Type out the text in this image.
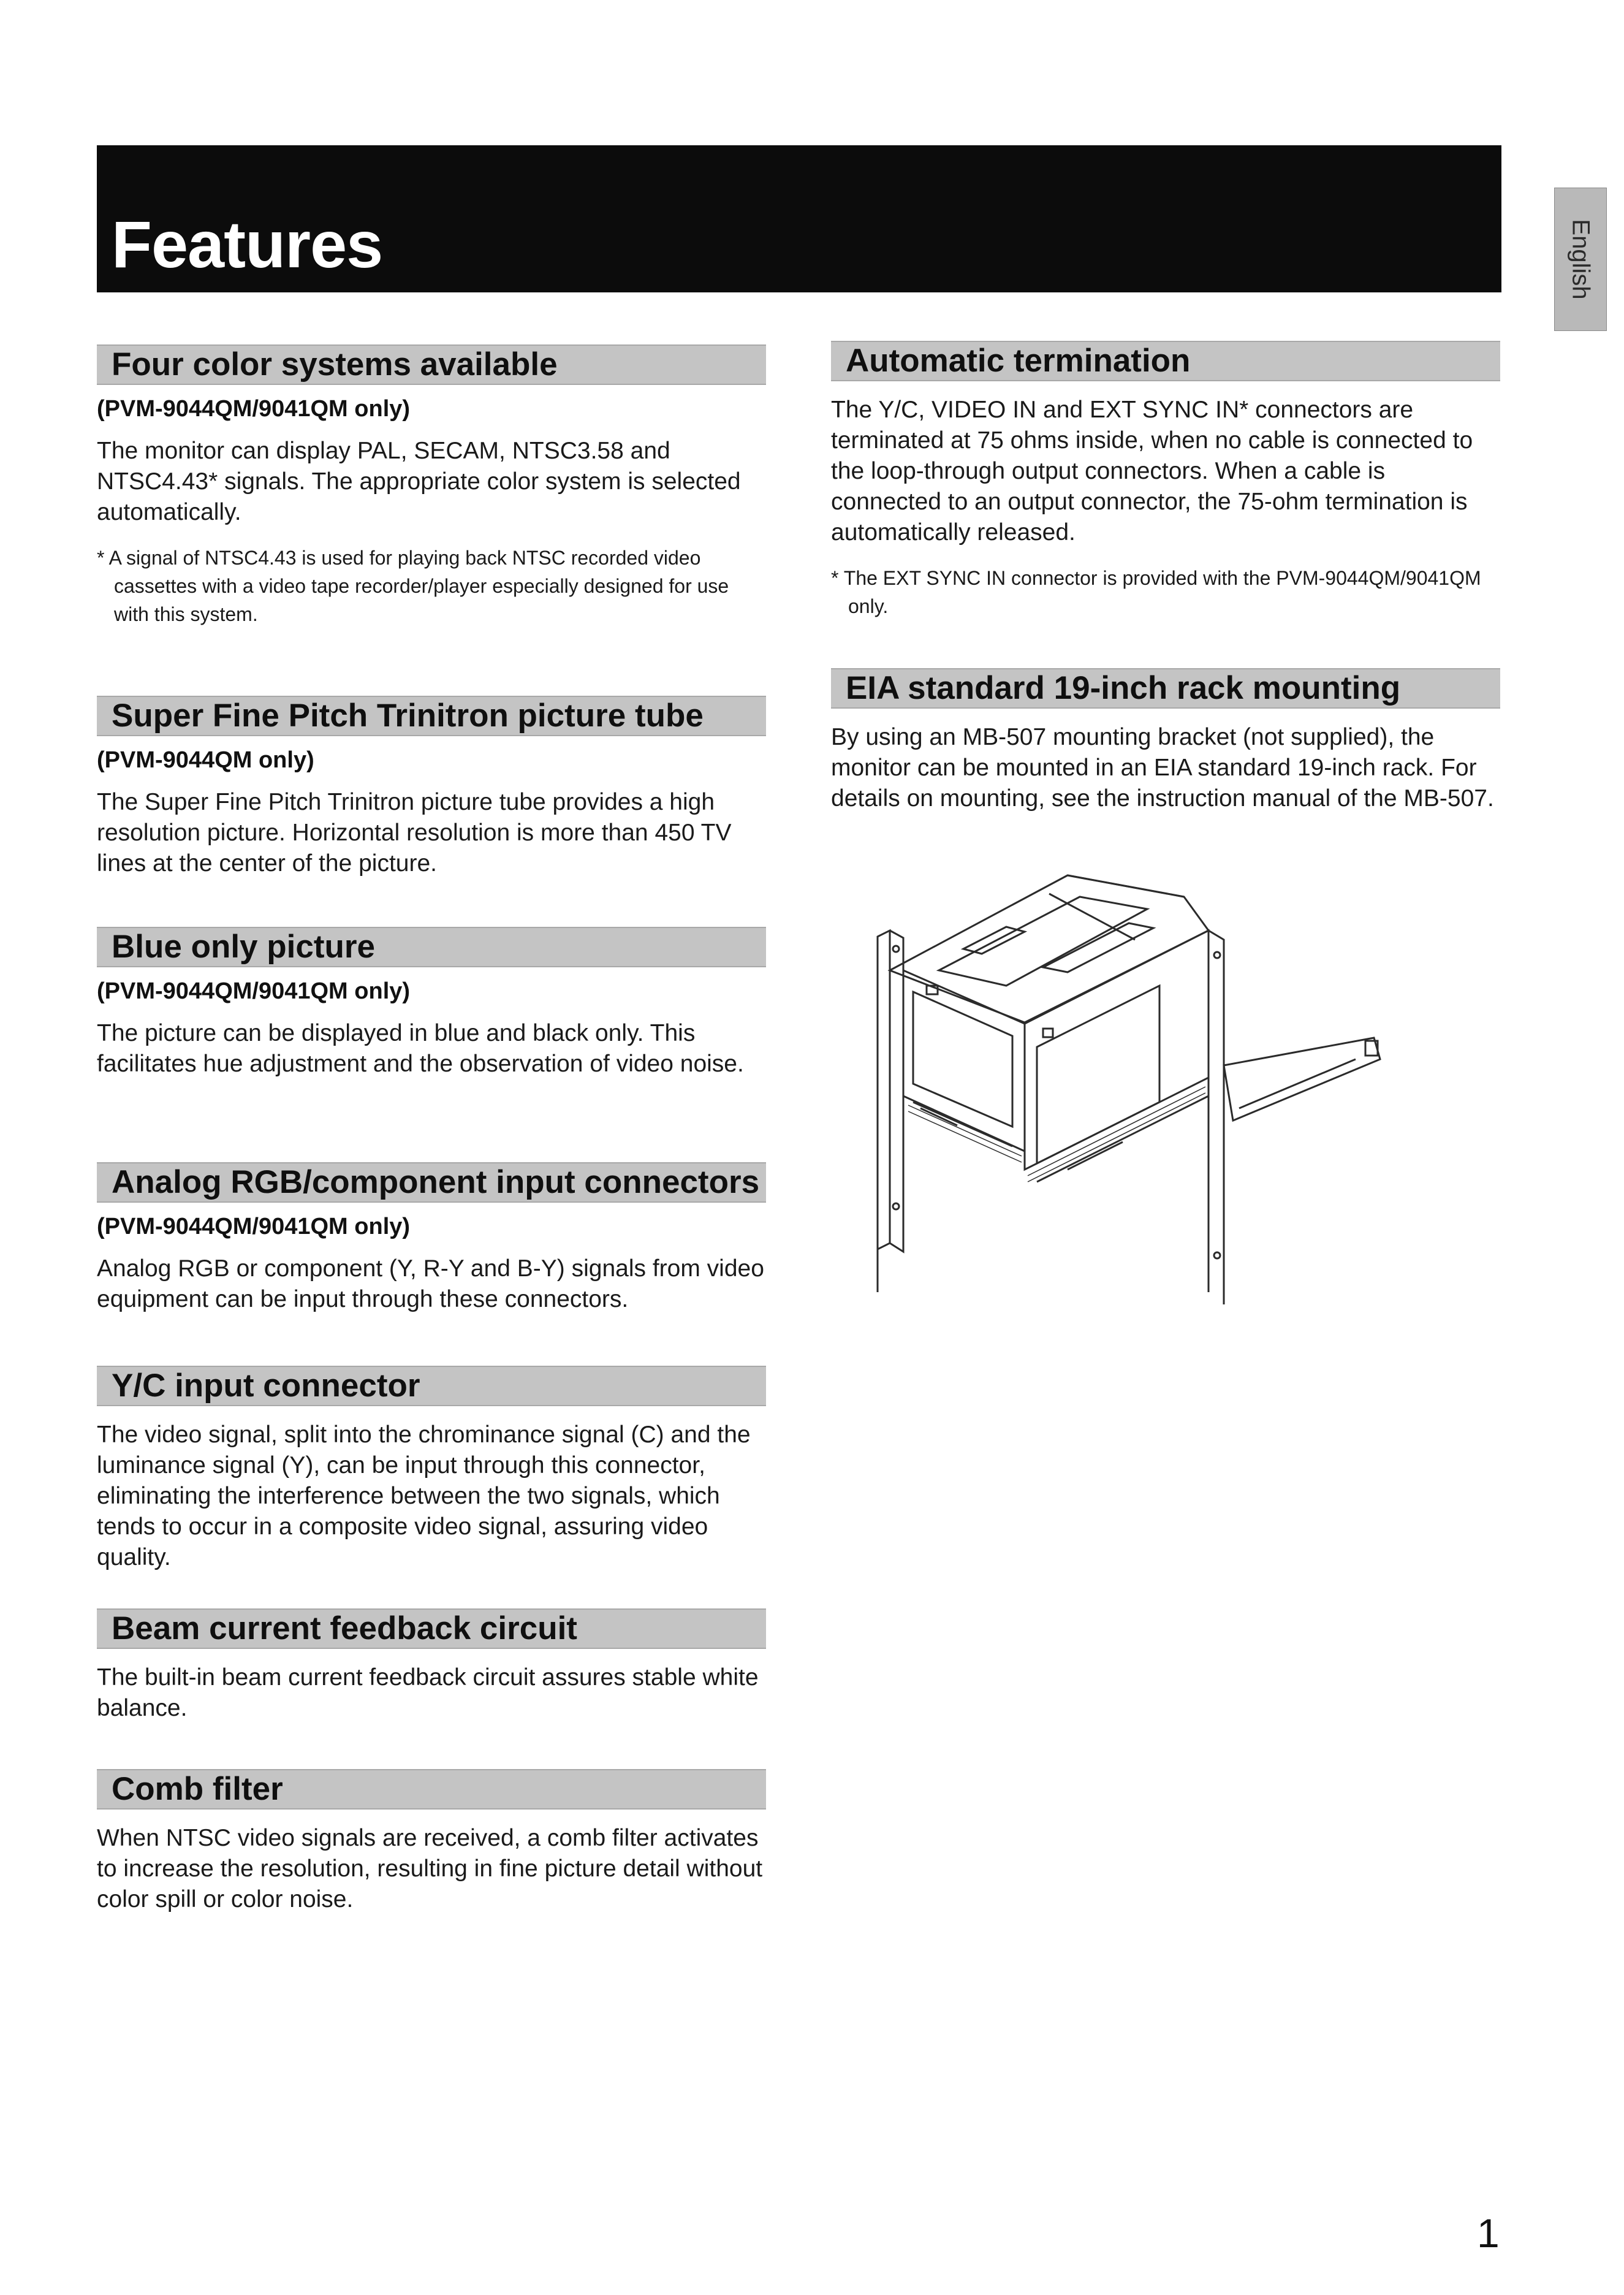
Features	English
Four color systems available

(PVM-9044QM/9041QM only)

The monitor can display PAL, SECAM, NTSC3.58 and NTSC4.43* signals. The appropriate color system is selected automatically.

* A signal of NTSC4.43 is used for playing back NTSC recorded video cassettes with a video tape recorder/player especially designed for use with this system.

Super Fine Pitch Trinitron picture tube

(PVM-9044QM only)

The Super Fine Pitch Trinitron picture tube provides a high resolution picture. Horizontal resolution is more than 450 TV lines at the center of the picture.

Blue only picture

(PVM-9044QM/9041QM only)

The picture can be displayed in blue and black only. This facilitates hue adjustment and the observation of video noise.

Analog RGB/component input connectors

(PVM-9044QM/9041QM only)

Analog RGB or component (Y, R-Y and B-Y) signals from video equipment can be input through these connectors.

Y/C input connector

The video signal, split into the chrominance signal (C) and the luminance signal (Y), can be input through this connector, eliminating the interference between the two signals, which tends to occur in a composite video signal, assuring video quality.

Beam current feedback circuit

The built-in beam current feedback circuit assures stable white balance.

Comb filter

When NTSC video signals are received, a comb filter activates to increase the resolution, resulting in fine picture detail without color spill or color noise.

Automatic termination

The Y/C, VIDEO IN and EXT SYNC IN* connectors are terminated at 75 ohms inside, when no cable is connected to the loop-through output connectors. When a cable is connected to an output connector, the 75-ohm termination is automatically released.

* The EXT SYNC IN connector is provided with the PVM-9044QM/9041QM only.

EIA standard 19-inch rack mounting

By using an MB-507 mounting bracket (not supplied), the monitor can be mounted in an EIA standard 19-inch rack. For details on mounting, see the instruction manual of the MB-507.

1
